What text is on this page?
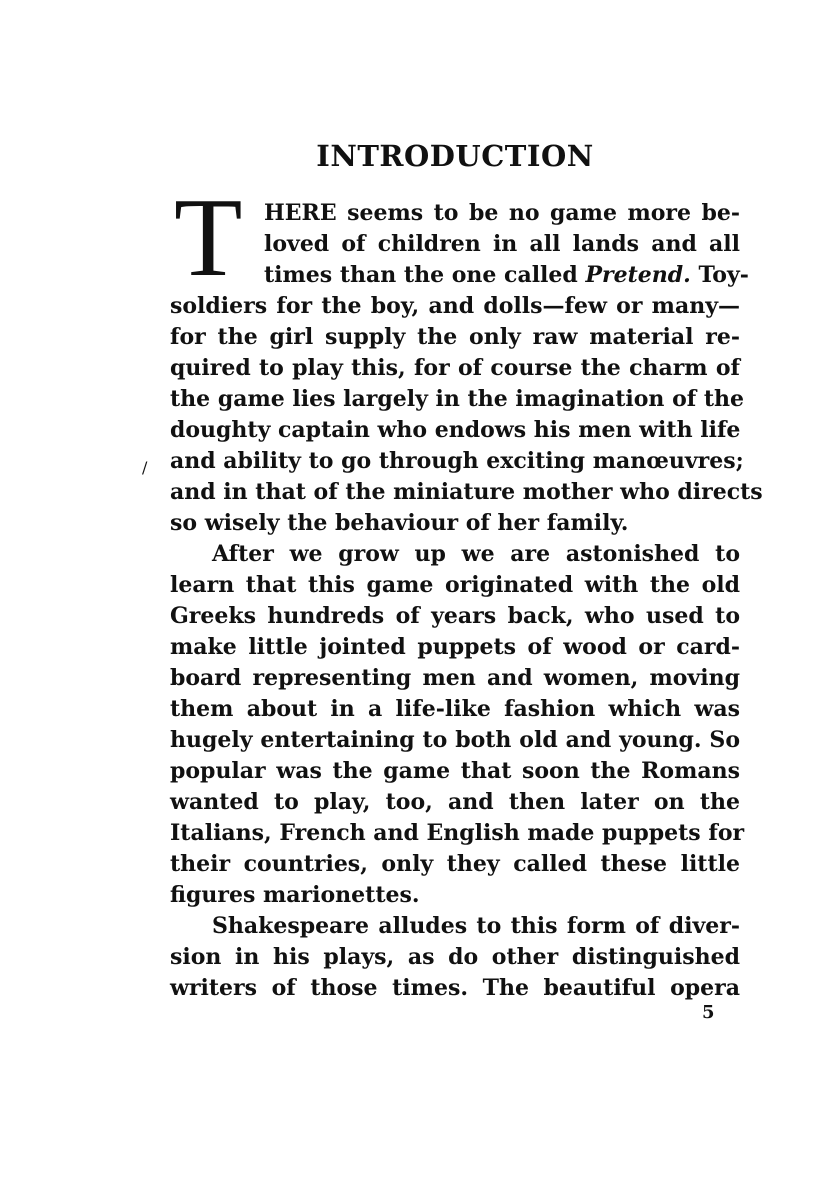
INTRODUCTION
T HERE seems to be no game more be-
loved of children in all lands and all
times than the one called Pretend. Toy-
soldiers for the boy, and dolls—few or many—
for the girl supply the only raw material re-
quired to play this, for of course the charm of
the game lies largely in the imagination of the
doughty captain who endows his men with life
and ability to go through exciting manœuvres;
and in that of the miniature mother who directs
so wisely the behaviour of her family.
/
After we grow up we are astonished to
learn that this game originated with the old
Greeks hundreds of years back, who used to
make little jointed puppets of wood or card-
board representing men and women, moving
them about in a life-like fashion which was
hugely entertaining to both old and young. So
popular was the game that soon the Romans
wanted to play, too, and then later on the
Italians, French and English made puppets for
their countries, only they called these little
figures marionettes.
Shakespeare alludes to this form of diver-
sion in his plays, as do other distinguished
writers of those times. The beautiful opera
5
